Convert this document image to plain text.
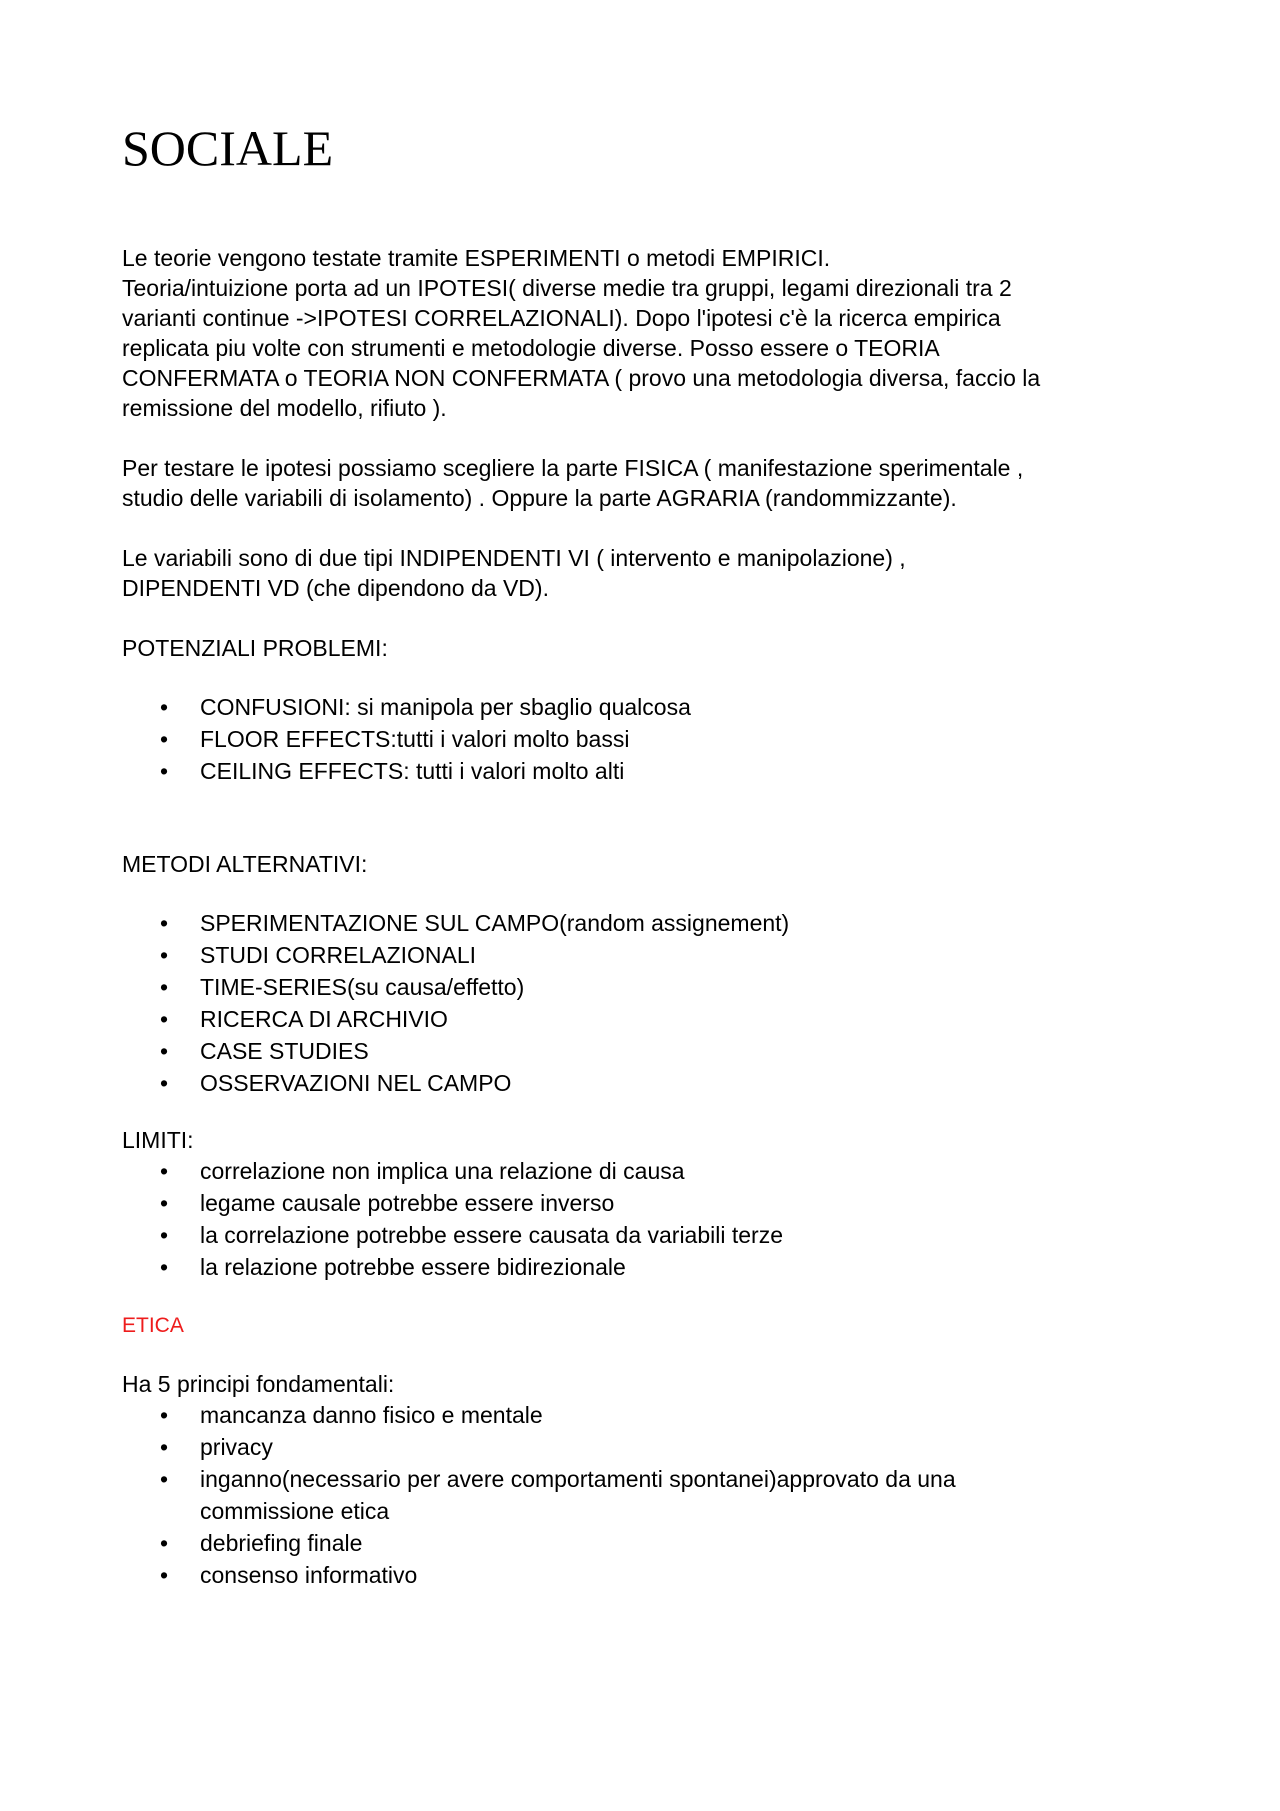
SOCIALE

Le teorie vengono testate tramite ESPERIMENTI o metodi EMPIRICI.

Teoria/intuizione porta ad un IPOTESI( diverse medie tra gruppi, legami direzionali tra 2

varianti continue ->IPOTESI CORRELAZIONALI). Dopo l'ipotesi c'è la ricerca empirica

replicata piu volte con strumenti e metodologie diverse. Posso essere o TEORIA

CONFERMATA o TEORIA NON CONFERMATA ( provo una metodologia diversa, faccio la

remissione del modello, rifiuto ).

Per testare le ipotesi possiamo scegliere la parte FISICA ( manifestazione sperimentale ,

studio delle variabili di isolamento) . Oppure la parte AGRARIA (randommizzante).

Le variabili sono di due tipi INDIPENDENTI VI ( intervento e manipolazione) ,

DIPENDENTI VD (che dipendono da VD).

POTENZIALI PROBLEMI:

• CONFUSIONI: si manipola per sbaglio qualcosa
• FLOOR EFFECTS:tutti i valori molto bassi
• CEILING EFFECTS: tutti i valori molto alti

METODI ALTERNATIVI:

• SPERIMENTAZIONE SUL CAMPO(random assignement)
• STUDI CORRELAZIONALI
• TIME-SERIES(su causa/effetto)
• RICERCA DI ARCHIVIO
• CASE STUDIES
• OSSERVAZIONI NEL CAMPO

LIMITI:

• correlazione non implica una relazione di causa
• legame causale potrebbe essere inverso
• la correlazione potrebbe essere causata da variabili terze
• la relazione potrebbe essere bidirezionale

ETICA

Ha 5 principi fondamentali:

• mancanza danno fisico e mentale
• privacy
• inganno(necessario per avere comportamenti spontanei)approvato da una
commissione etica
• debriefing finale
• consenso informativo
